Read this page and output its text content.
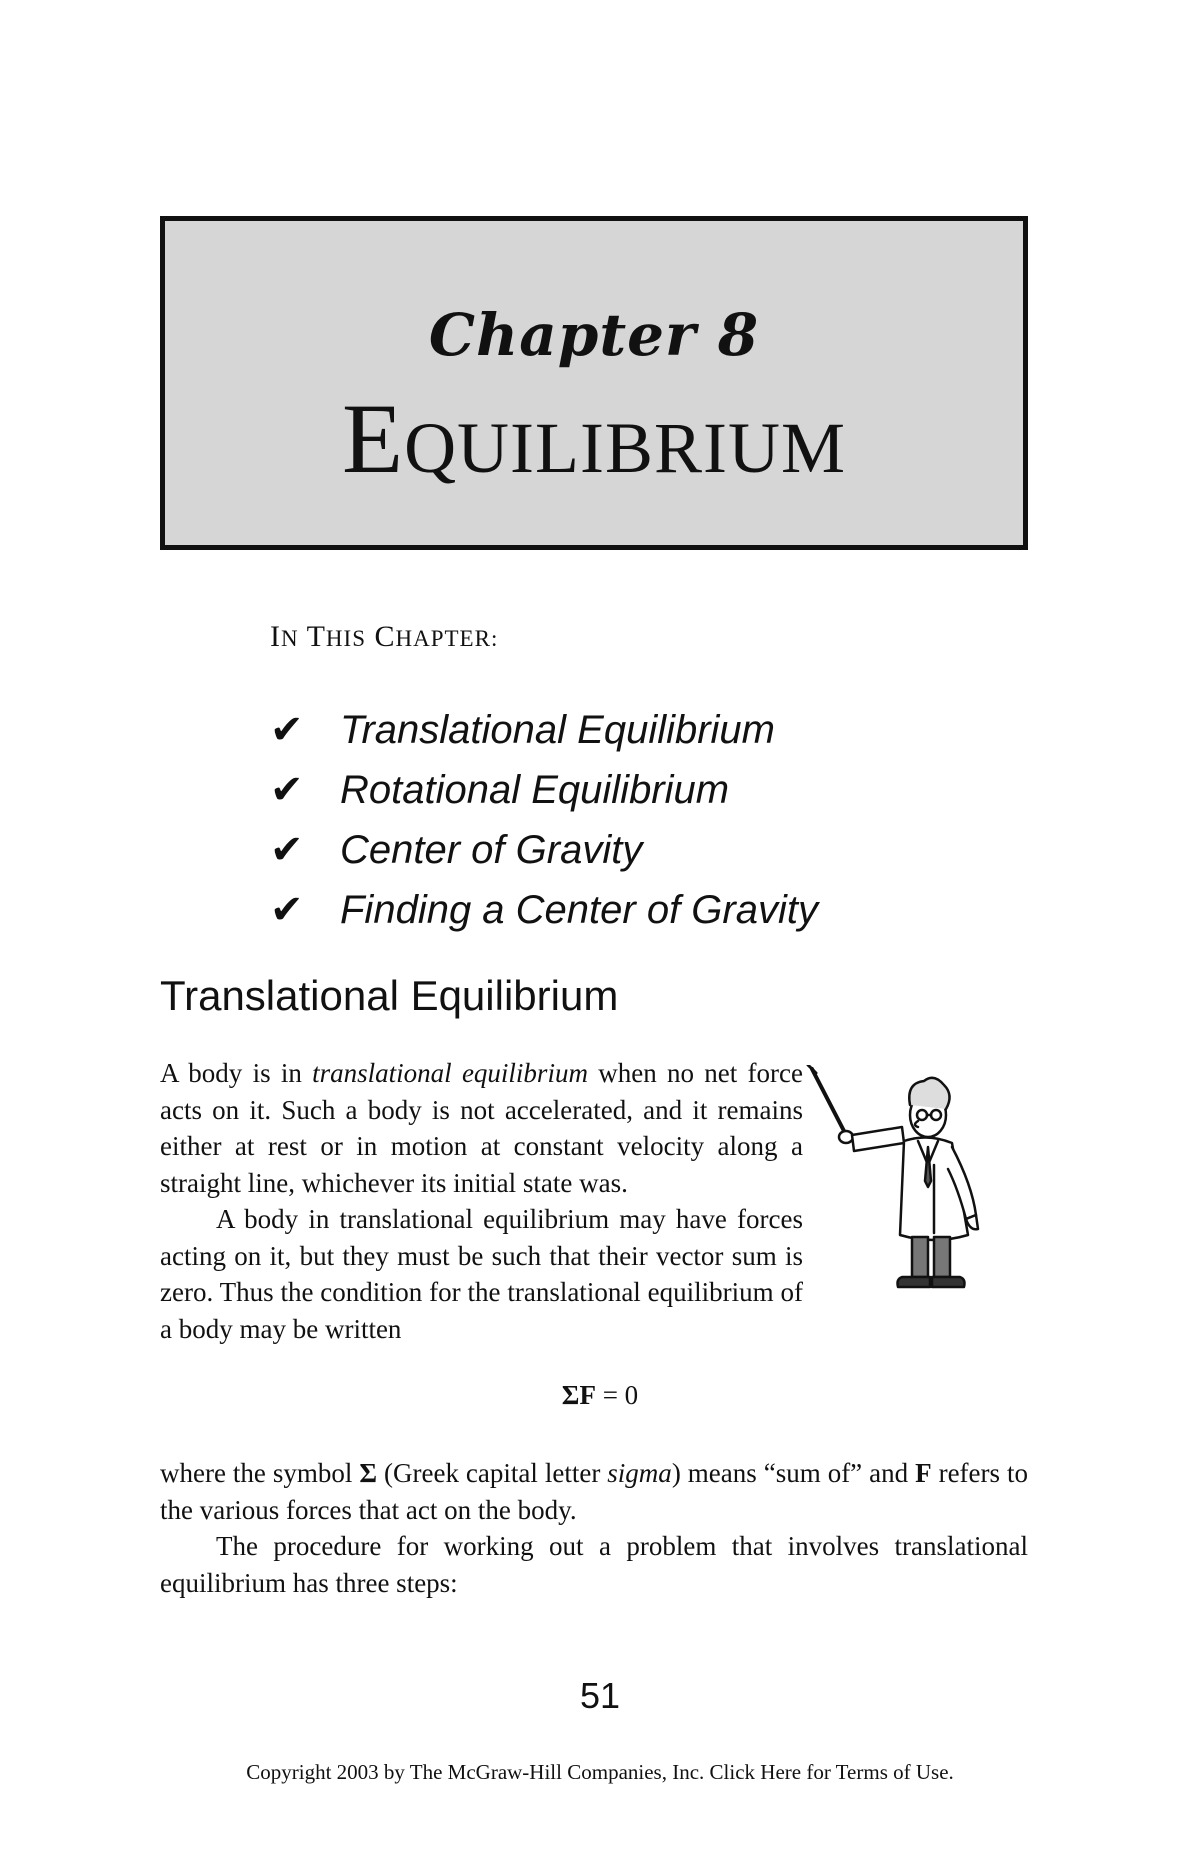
Chapter 8
EQUILIBRIUM
IN THIS CHAPTER:
✔ Translational Equilibrium
✔ Rotational Equilibrium
✔ Center of Gravity
✔ Finding a Center of Gravity
Translational Equilibrium

A body is in translational equilibrium when no net force acts on it. Such a body is not accelerated, and it remains either at rest or in motion at constant velocity along a straight line, whichever its initial state was.

A body in translational equilibrium may have forces acting on it, but they must be such that their vector sum is zero. Thus the condition for the translational equilibrium of a body may be written

ΣF = 0

where the symbol Σ (Greek capital letter sigma) means “sum of” and F refers to the various forces that act on the body.

The procedure for working out a problem that involves translational equilibrium has three steps:

51
Copyright 2003 by The McGraw-Hill Companies, Inc. Click Here for Terms of Use.
